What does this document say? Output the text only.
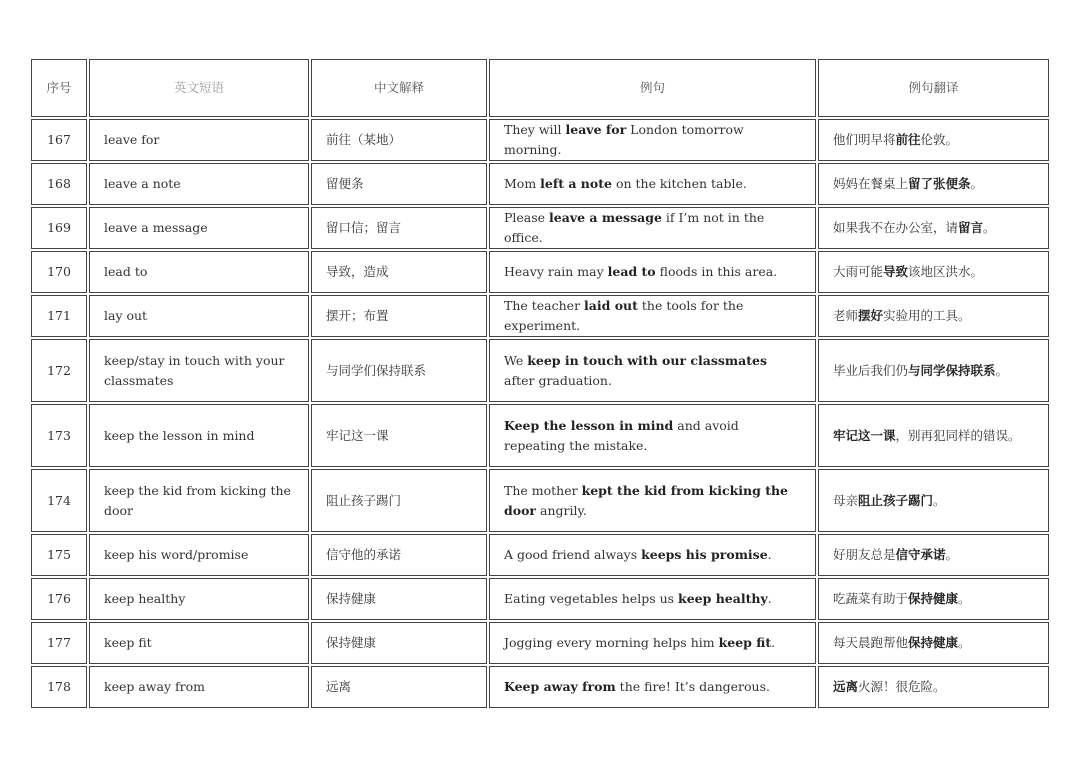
序号	英文短语	中文解释	例句	例句翻译
167	leave for	前往（某地）	They will leave for London tomorrow morning.	他们明早将前往伦敦。
168	leave a note	留便条	Mom left a note on the kitchen table.	妈妈在餐桌上留了张便条。
169	leave a message	留口信；留言	Please leave a message if I’m not in the office.	如果我不在办公室，请留言。
170	lead to	导致，造成	Heavy rain may lead to floods in this area.	大雨可能导致该地区洪水。
171	lay out	摆开；布置	The teacher laid out the tools for the experiment.	老师摆好实验用的工具。
172	keep/stay in touch with your classmates	与同学们保持联系	We keep in touch with our classmates after graduation.	毕业后我们仍与同学保持联系。
173	keep the lesson in mind	牢记这一课	Keep the lesson in mind and avoid repeating the mistake.	牢记这一课，别再犯同样的错误。
174	keep the kid from kicking the door	阻止孩子踢门	The mother kept the kid from kicking the door angrily.	母亲阻止孩子踢门。
175	keep his word/promise	信守他的承诺	A good friend always keeps his promise.	好朋友总是信守承诺。
176	keep healthy	保持健康	Eating vegetables helps us keep healthy.	吃蔬菜有助于保持健康。
177	keep fit	保持健康	Jogging every morning helps him keep fit.	每天晨跑帮他保持健康。
178	keep away from	远离	Keep away from the fire! It’s dangerous.	远离火源！很危险。
